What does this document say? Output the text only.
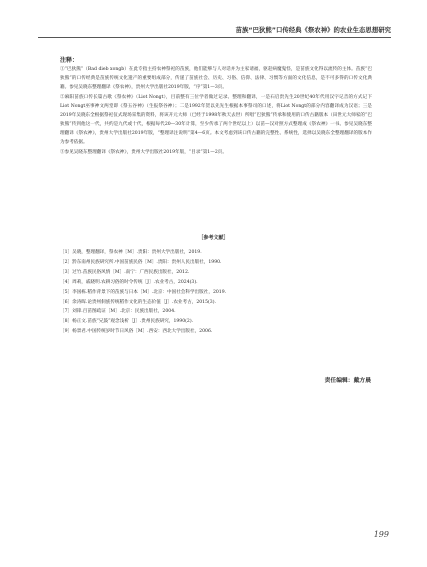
苗族“巴狄熊”口传经典《祭农神》的农业生态思想研究
注释：

①“巴狄熊”（Bad dieb xongb）在此专指主持农神祭祀的苗族，他们能够与人对话并为主家请福，驱赶病魔鬼怪，是苗族文化得以流传的主体。苗族“巴狄熊”的口传经典是苗族传统文化遗产的重要组成部分，传递了苗族社会、历史、习俗、信仰、法律、习惯等方面的文化信息，是不可多得的口传文化典籍。参见吴晓东整理翻译《祭农神》，贵州大学出版社2019年版，“序”第1—3页。

②麻阳苗族口传长篇古歌《祭农神》（Liot Nongt），目前整有三位学者做过记录、整理和翻译，一是石启贵先生20世纪40年代用汉字记音的方式记下Liot Nongt巫事神文两堂即《祭五谷神》（生报祭谷神）；二是1992年贺以先先生根据本事祭司的口述，将Liot Nongt的部分内容翻译成为汉语；三是2019年吴晓东全根据祭祀仪式现场采集的资料，将该开元大师（已经于1998年秋天去世）所唱“巴狄熊”传承和使用的口传古籍版本（田世元大师家的“巴狄熊”传到他这一代，共约是九代或十代，根据每代20—30年计算，至少传承了两个世纪以上）以苗—汉对照方式整理成《祭农神》一书。参见吴晓东整理翻译《祭农神》，贵州大学出版社2019年版，“整理译注说明”第4—6页。本文考虑到该口传古籍的完整性、系统性，选择以吴晓东全整理翻译的版本作为参考依据。

③参见吴晓东整理翻译《祭农神》，贵州大学出版社2019年版，“目录”第1—2页。

［参考文献］
［1］吴晓，整理翻译，祭农神［M］.贵阳：贵州大学出版社，2019.
［2］黔东南州民族研究所.中国苗族民俗［M］.贵阳：贵州人民出版社，1990.
［3］过竹.苗族民俗风情［M］.南宁：广西民族出版社，2012.
［4］周莉，戚晓明.农耕习俗的时令传统［J］.农业考古，2024(3).
［5］李国栋.稻作背景下的苗族与日本［M］.北京：中国社会科学出版社，2019.
［6］余涛晖.论贵州侗族传统稻作文化的生态价值［J］.农业考古，2015(3).
［7］刘锋.百苗图疏证［M］.北京：民族出版社，2004.
［8］杨正文.苗族“兄鼓”观念浅析［J］.贵州民族研究，1990(2).
［9］杨景君.中国传统岁时节日风俗［M］.西安：西北大学出版社，2006.
责任编辑：戴方晨
199
